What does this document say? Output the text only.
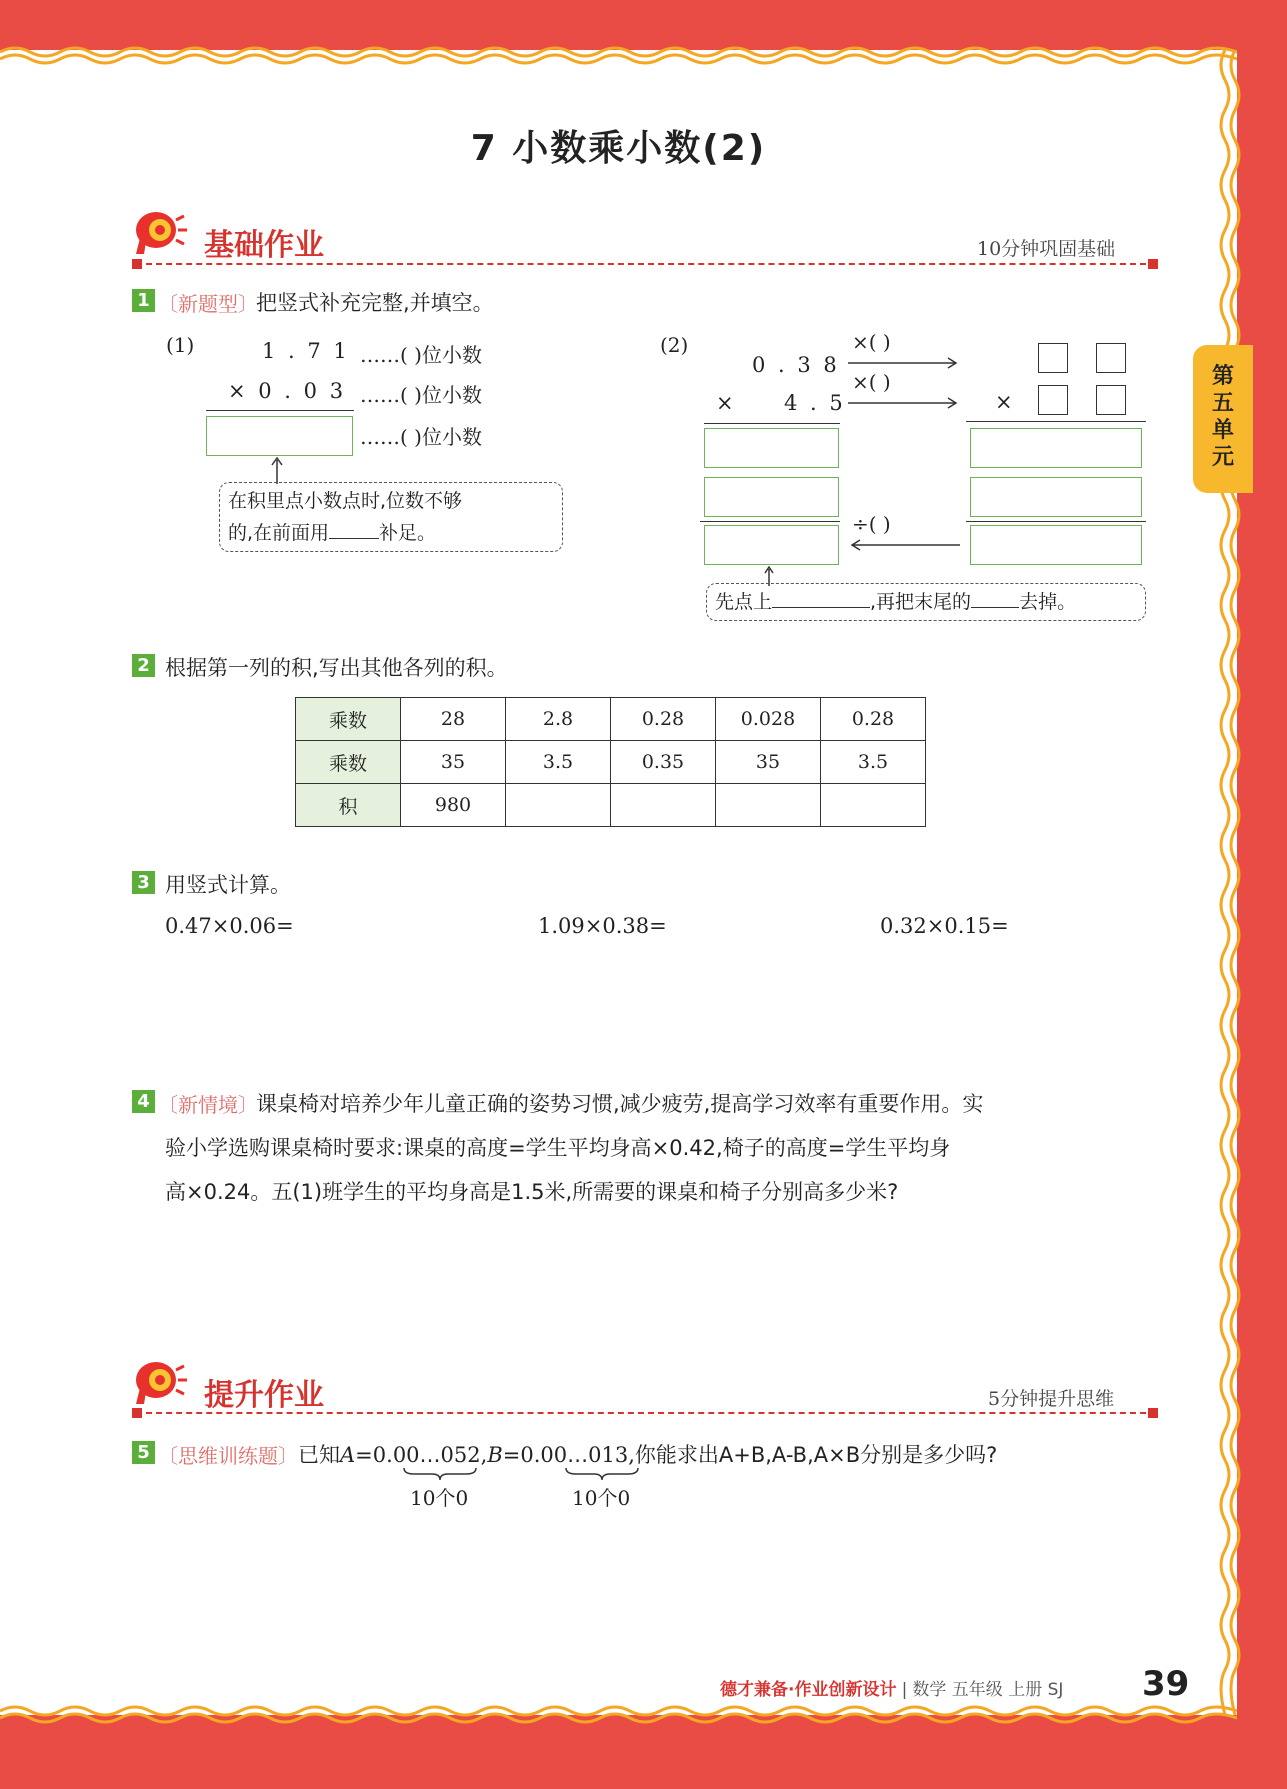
第
五
单
元
7 小数乘小数(2)
基础作业	10分钟巩固基础
1 〔新题型〕
把竖式补充完整,并填空。
(1)	1 . 7 1 ……( )位小数
× 0 . 0 3 ……( )位小数
……( )位小数
在积里点小数点时,位数不够
的,在前面用	补足。
(2)
0 . 3 8
× 4 . 5
×( )
×( )
÷( )
×
先点上	,再把末尾的	去掉。
2 根据第一列的积,写出其他各列的积。
乘数	28	2.8	0.28	0.028	0.28
乘数	35	3.5	0.35	35	3.5
积	980				
3 用竖式计算。
0.47×0.06=	1.09×0.38=	0.32×0.15=
4 〔新情境〕
课桌椅对培养少年儿童正确的姿势习惯,减少疲劳,提高学习效率有重要作用。实
验小学选购课桌椅时要求:课桌的高度=学生平均身高×0.42,椅子的高度=学生平均身
高×0.24。五(1)班学生的平均身高是1.5米,所需要的课桌和椅子分别高多少米?
提升作业	5分钟提升思维
5 〔思维训练题〕 已知A=0.00…052,B=0.00…013,你能求出A+B,A-B,A×B分别是多少吗?
10个0	10个0
德才兼备·作业创新设计 | 数学 五年级 上册 SJ 39
